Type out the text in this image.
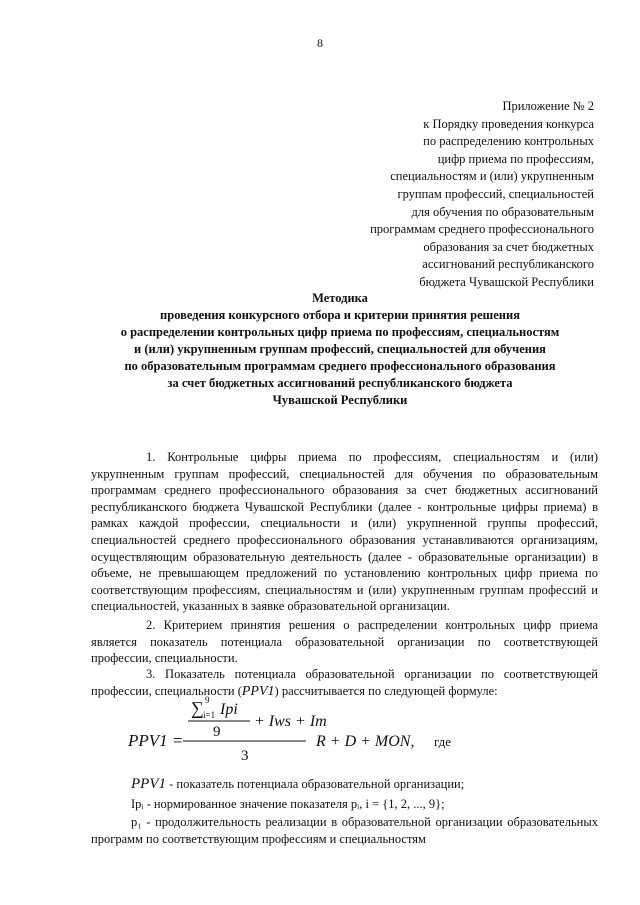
8
Приложение № 2
к Порядку проведения конкурса
по распределению контрольных
цифр приема по профессиям,
специальностям и (или) укрупненным
группам профессий, специальностей
для обучения по образовательным
программам среднего профессионального
образования за счет бюджетных
ассигнований республиканского
бюджета Чувашской Республики
Методика
проведения конкурсного отбора и критерии принятия решения
о распределении контрольных цифр приема по профессиям, специальностям
и (или) укрупненным группам профессий, специальностей для обучения
по образовательным программам среднего профессионального образования
за счет бюджетных ассигнований республиканского бюджета
Чувашской Республики

1. Контрольные цифры приема по профессиям, специальностям и (или) укрупненным группам профессий, специальностей для обучения по образовательным программам среднего профессионального образования за счет бюджетных ассигнований республиканского бюджета Чувашской Республики (далее - контрольные цифры приема) в рамках каждой профессии, специальности и (или) укрупненной группы профессий, специальностей среднего профессионального образования устанавливаются организациям, осуществляющим образовательную деятельность (далее - образовательные организации) в объеме, не превышающем предложений по установлению контрольных цифр приема по соответствующим профессиям, специальностям и (или) укрупненным группам профессий и специальностей, указанных в заявке образовательной организации.

2. Критерием принятия решения о распределении контрольных цифр приема является показатель потенциала образовательной организации по соответствующей профессии, специальности.

3. Показатель потенциала образовательной организации по соответствующей профессии, специальности (PPV1) рассчитывается по следующей формуле:

PPV1 =
∑ 9
i=1 Ipi
9
+ Iws + Iт
3
R + D + MON, где

PPV1 - показатель потенциала образовательной организации;

Ipᵢ - нормированное значение показателя pᵢ, i = {1, 2, ..., 9};

p₁ - продолжительность реализации в образовательной организации образовательных программ по соответствующим профессиям и специальностям
